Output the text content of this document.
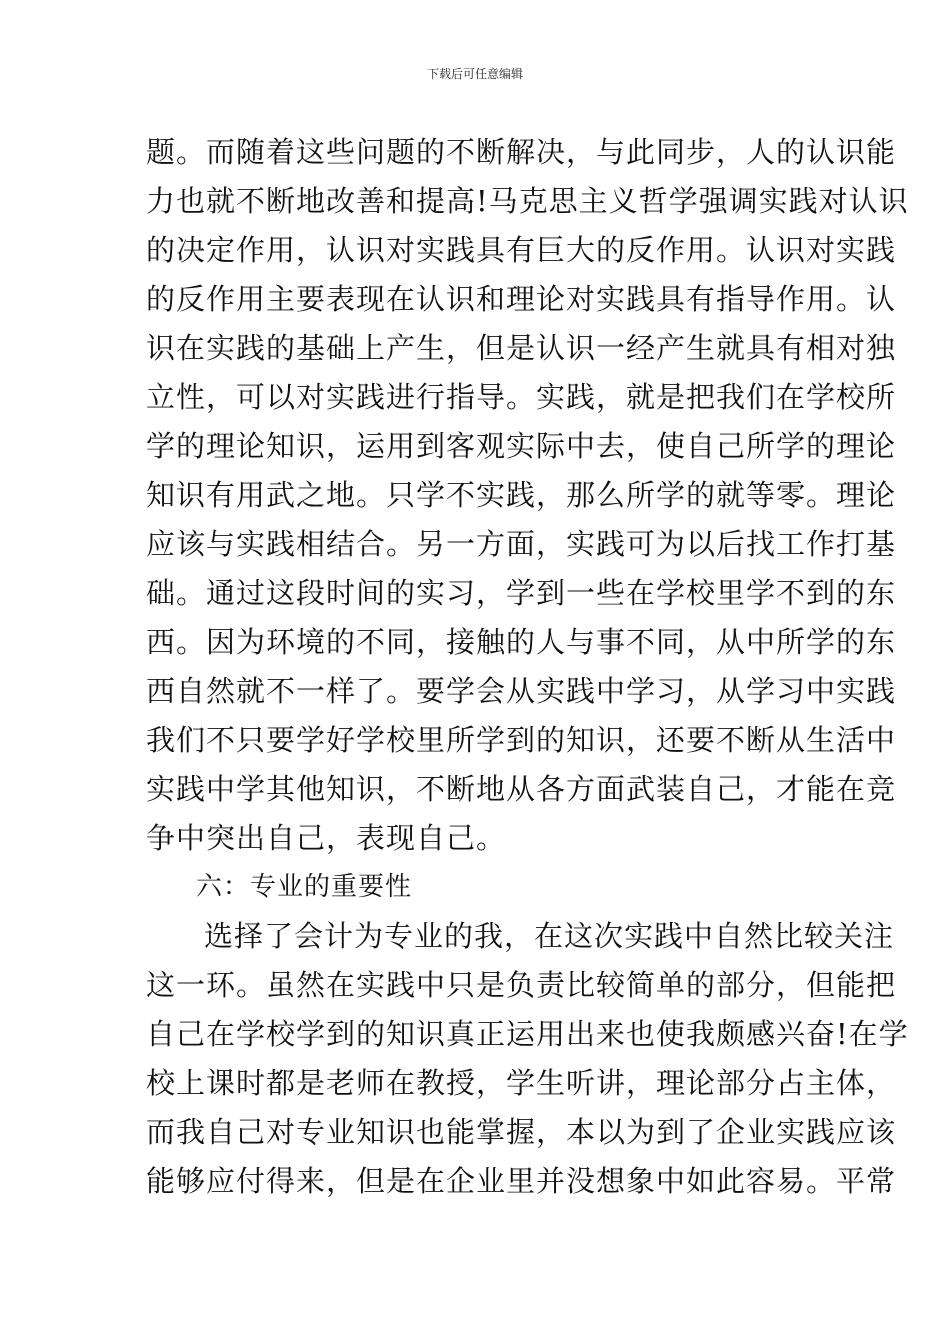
下载后可任意编辑
题。而随着这些问题的不断解决，与此同步，人的认识能
力也就不断地改善和提高!马克思主义哲学强调实践对认识
的决定作用，认识对实践具有巨大的反作用。认识对实践
的反作用主要表现在认识和理论对实践具有指导作用。认
识在实践的基础上产生，但是认识一经产生就具有相对独
立性，可以对实践进行指导。实践，就是把我们在学校所
学的理论知识，运用到客观实际中去，使自己所学的理论
知识有用武之地。只学不实践，那么所学的就等零。理论
应该与实践相结合。另一方面，实践可为以后找工作打基
础。通过这段时间的实习，学到一些在学校里学不到的东
西。因为环境的不同，接触的人与事不同，从中所学的东
西自然就不一样了。要学会从实践中学习，从学习中实践
我们不只要学好学校里所学到的知识，还要不断从生活中
实践中学其他知识，不断地从各方面武装自己，才能在竞
争中突出自己，表现自己。
六：专业的重要性
选择了会计为专业的我，在这次实践中自然比较关注
这一环。虽然在实践中只是负责比较简单的部分，但能把
自己在学校学到的知识真正运用出来也使我颇感兴奋!在学
校上课时都是老师在教授，学生听讲，理论部分占主体，
而我自己对专业知识也能掌握，本以为到了企业实践应该
能够应付得来，但是在企业里并没想象中如此容易。平常
